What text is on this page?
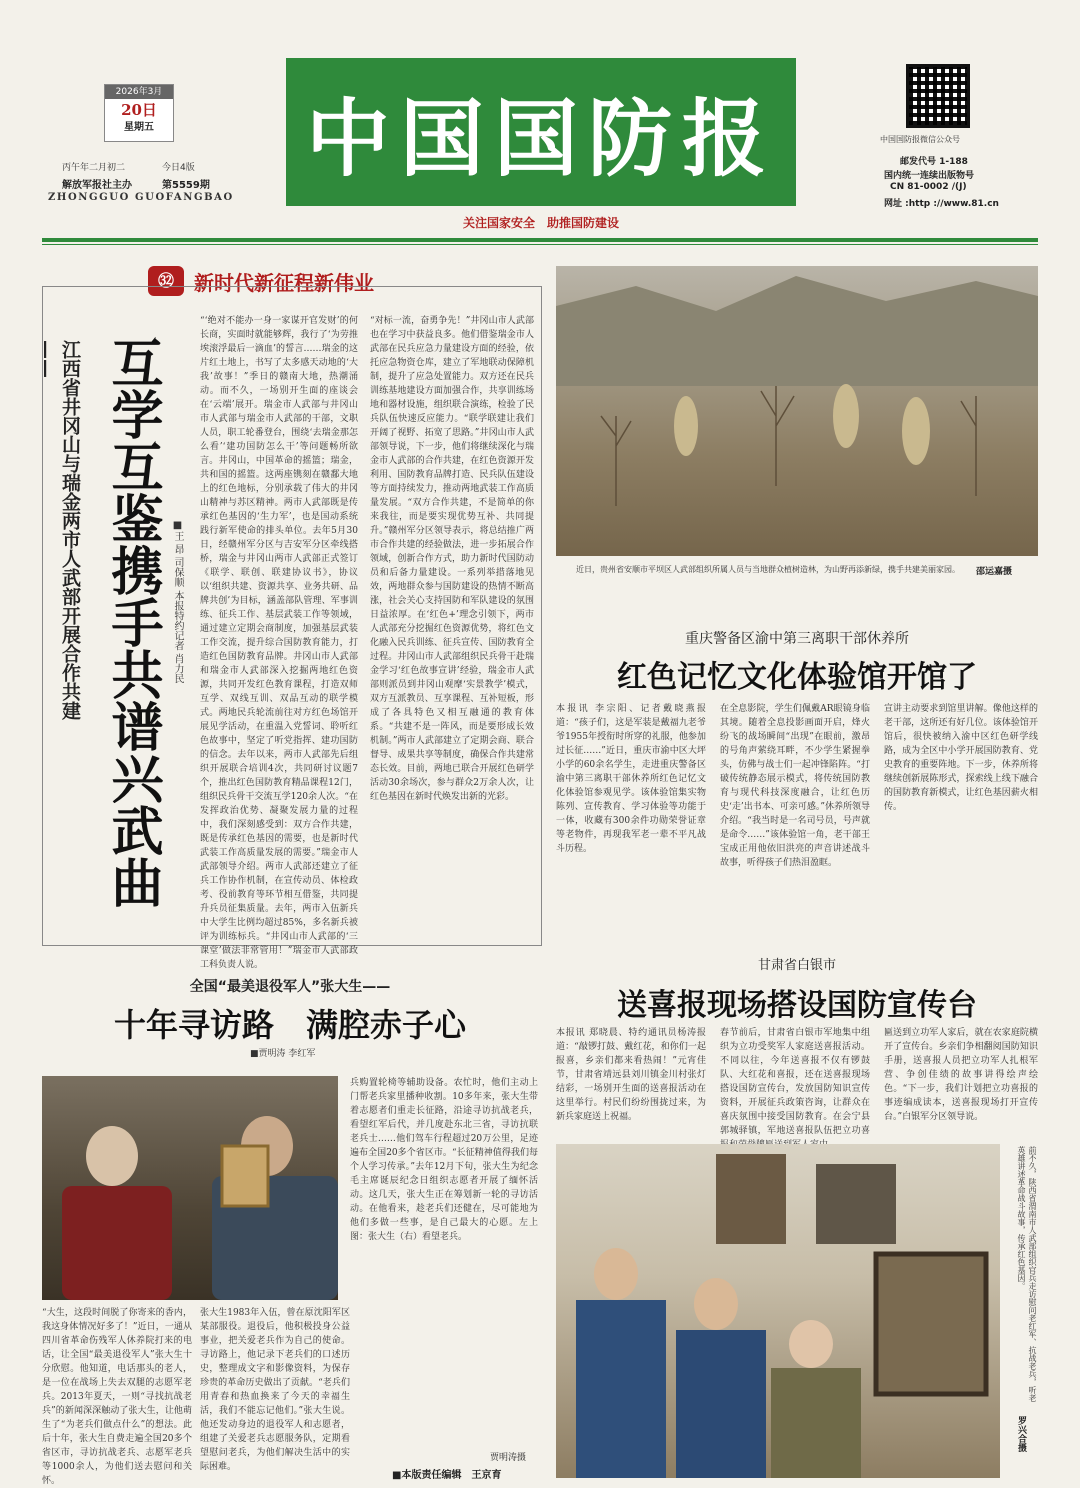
2026年3月
20日
星期五
丙午年二月初二	今日4版
解放军报社主办	第5559期
ZHONGGUO GUOFANGBAO
中国国防报
关注国家安全　助推国防建设
中国国防报微信公众号
邮发代号 1-188
国内统一连续出版物号
CN 81-0002 /(J)
网址 :http ://www.81.cn
㉜	新时代新征程新伟业
江西省井冈山与瑞金两市人武部开展合作共建—— 互学互鉴携手共谱兴武曲	■王 昂 司保顺 本报特约记者 肖力民
“‘绝对不能办一身一家谋开官发财’的何长商，实面时就能够辉，我行了‘为劳推埃滚浮最后一滴血’的誓言……瑞金的这片红土地上，书写了太多感天动地的‘大我’故事！”季日的赣南大地，热潮涌动。而不久，一场别开生面的座谈会在‘云端’展开。瑞金市人武部与井冈山市人武部与瑞金市人武部的干部，文职人员，职工轮番登台，围绕‘去瑞金那怎么看’‘建功国防怎么干’等问题畅所欲言。井冈山，中国革命的摇篮；瑞金，共和国的摇篮。这两座镌刻在赣鄱大地上的红色地标，分别承载了伟大的井冈山精神与苏区精神。两市人武部既是传承红色基因的‘生力军’，也是国动系统践行新军使命的排头单位。去年5月30日，经赣州军分区与吉安军分区牵线搭桥，瑞金与井冈山两市人武部正式签订《联学、联创、联建协议书》，协议以‘组织共建、资源共享、业务共研、品牌共创’为目标，涵盖部队管理、军事训练、征兵工作、基层武装工作等领域，通过建立定期会商制度，加强基层武装工作交流，提升综合国防教育能力，打造红色国防教育品牌。井冈山市人武部和瑞金市人武部深入挖掘两地红色资源，共同开发红色教育课程，打造双师互学、双线互训、双品互动的联学模式。两地民兵轮流前往对方红色场馆开展见学活动，在重温入党誓词、聆听红色故事中，坚定了听党指挥、建功国防的信念。去年以来，两市人武部先后组织开展联合培训4次，共同研讨议题7个，推出红色国防教育精品课程12门，组织民兵骨干交流互学120余人次。“在发挥政治优势、凝聚发展力量的过程中，我们深刻感受到：双方合作共建，既是传承红色基因的需要，也是新时代武装工作高质量发展的需要。”瑞金市人武部领导介绍。两市人武部还建立了征兵工作协作机制，在宣传动员、体检政考、役前教育等环节相互借鉴，共同提升兵员征集质量。去年，两市入伍新兵中大学生比例均超过85%，多名新兵被评为训练标兵。“井冈山市人武部的‘三课堂’做法非常管用！”瑞金市人武部政工科负责人说。
“对标一流，奋勇争先！”井冈山市人武部也在学习中获益良多。他们借鉴瑞金市人武部在民兵应急力量建设方面的经验，依托应急物资仓库，建立了军地联动保障机制，提升了应急处置能力。双方还在民兵训练基地建设方面加强合作，共享训练场地和器材设施，组织联合演练，检验了民兵队伍快速反应能力。“联学联建让我们开阔了视野、拓宽了思路。”井冈山市人武部领导说，下一步，他们将继续深化与瑞金市人武部的合作共建，在红色资源开发利用、国防教育品牌打造、民兵队伍建设等方面持续发力，推动两地武装工作高质量发展。“双方合作共建，不是简单的你来我往，而是要实现优势互补、共同提升。”赣州军分区领导表示，将总结推广两市合作共建的经验做法，进一步拓展合作领域，创新合作方式，助力新时代国防动员和后备力量建设。一系列举措落地见效，两地群众参与国防建设的热情不断高涨，社会关心支持国防和军队建设的氛围日益浓厚。在‘红色+’理念引领下，两市人武部充分挖掘红色资源优势，将红色文化融入民兵训练、征兵宣传、国防教育全过程。井冈山市人武部组织民兵骨干赴瑞金学习‘红色故事宣讲’经验，瑞金市人武部则派员到井冈山观摩‘实景教学’模式，双方互派教员、互享课程、互补短板，形成了各具特色又相互融通的教育体系。“共建不是一阵风，而是要形成长效机制。”两市人武部建立了定期会商、联合督导、成果共享等制度，确保合作共建常态长效。目前，两地已联合开展红色研学活动30余场次，参与群众2万余人次，让红色基因在新时代焕发出新的光彩。
近日，贵州省安顺市平坝区人武部组织所属人员与当地群众植树造林，为山野再添新绿，携手共建美丽家园。	邵运嘉摄
重庆警备区渝中第三离职干部休养所
红色记忆文化体验馆开馆了
本报讯 李宗阳、记者戴晓燕报道：“孩子们，这是军装是戴福九老爷爷1955年授衔时所穿的礼服，他参加过长征……”近日，重庆市渝中区大坪小学的60余名学生，走进重庆警备区渝中第三离职干部休养所红色记忆文化体验馆参观见学。该体验馆集实物陈列、宣传教育、学习体验等功能于一体，收藏有300余件功勋荣誉证章等老物件，再现我军老一辈不平凡战斗历程。
在全息影院，学生们佩戴AR眼镜身临其境。随着全息投影画面开启，烽火纷飞的战场瞬间“出现”在眼前，激昂的号角声萦绕耳畔，不少学生紧握拳头，仿佛与战士们一起冲锋陷阵。“打破传统静态展示模式，将传统国防教育与现代科技深度融合，让红色历史‘走’出书本、可亲可感。”休养所领导介绍。“我当时是一名司号员，号声就是命令……”该体验馆一角，老干部王宝成正用他依旧洪亮的声音讲述战斗故事，听得孩子们热泪盈眶。
宣讲主动要求到馆里讲解。像他这样的老干部，这所还有好几位。该体验馆开馆后，很快被纳入渝中区红色研学线路，成为全区中小学开展国防教育、党史教育的重要阵地。下一步，休养所将继续创新展陈形式，探索线上线下融合的国防教育新模式，让红色基因薪火相传。
全国“最美退役军人”张大生——
十年寻访路　满腔赤子心
■贾明涛 李红军
“大生，这段时间脱了你寄来的香内，我这身体情况好多了！”近日，一通从四川省革命伤残军人休养院打来的电话，让全国“最美退役军人”张大生十分欣慰。他知道，电话那头的老人，是一位在战场上失去双腿的志愿军老兵。2013年夏天，一则“寻找抗战老兵”的新闻深深触动了张大生，让他萌生了“为老兵们做点什么”的想法。此后十年，张大生自费走遍全国20多个省区市，寻访抗战老兵、志愿军老兵等1000余人，为他们送去慰问和关怀。
张大生1983年入伍，曾在原沈阳军区某部服役。退役后，他积极投身公益事业，把关爱老兵作为自己的使命。寻访路上，他记录下老兵们的口述历史，整理成文字和影像资料，为保存珍贵的革命历史做出了贡献。“老兵们用青春和热血换来了今天的幸福生活，我们不能忘记他们。”张大生说。他还发动身边的退役军人和志愿者，组建了关爱老兵志愿服务队，定期看望慰问老兵，为他们解决生活中的实际困难。
兵购置轮椅等辅助设备。农忙时，他们主动上门帮老兵家里播种收割。10多年来，张大生带着志愿者们重走长征路，沿途寻访抗战老兵，看望红军后代，并几度赴东北三省，寻访抗联老兵士……他们驾车行程超过20万公里，足迹遍布全国20多个省区市。“长征精神值得我们每个人学习传承。”去年12月下旬，张大生为纪念毛主席诞辰纪念日组织志愿者开展了缅怀活动。这几天，张大生正在筹划新一轮的寻访活动。在他看来，趁老兵们还健在，尽可能地为他们多做一些事，是自己最大的心愿。左上图：张大生（右）看望老兵。
贾明涛摄
■本版责任编辑　王京育
甘肃省白银市
送喜报现场搭设国防宣传台
本报讯 郑晓晨、特约通讯员杨涛报道：“敲锣打鼓、戴红花，和你们一起报喜，乡亲们都来看热闹！”元宵佳节，甘肃省靖远县刘川镇金川村张灯结彩，一场别开生面的送喜报活动在这里举行。村民们纷纷围拢过来，为新兵家庭送上祝福。
春节前后，甘肃省白银市军地集中组织为立功受奖军人家庭送喜报活动。不同以往，今年送喜报不仅有锣鼓队、大红花和喜报，还在送喜报现场搭设国防宣传台，发放国防知识宣传资料，开展征兵政策咨询，让群众在喜庆氛围中接受国防教育。在会宁县郭城驿镇，军地送喜报队伍把立功喜
匾送到立功军人家后，就在农家庭院横开了宣传台。乡亲们争相翻阅国防知识手册，送喜报人员把立功军人扎根军营、争创佳绩的故事讲得绘声绘色。“下一步，我们计划把立功喜报的事迹编成读本，送喜报现场打开宣传台。”白银军分区领导说。
前不久，陕西省渭南市人武部组织官兵走访慰问老红军、抗战老兵，听老英雄讲述革命战斗故事，传承红色基因。
罗兴合摄
